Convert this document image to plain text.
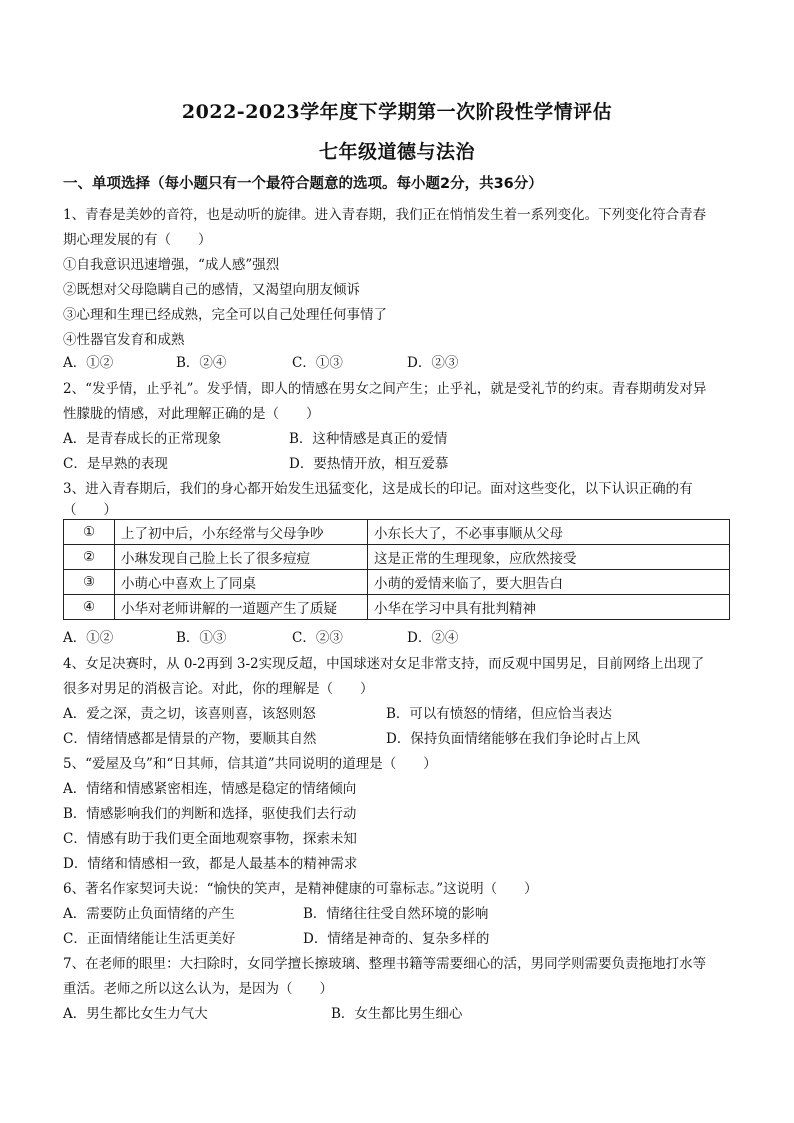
2022-2023学年度下学期第一次阶段性学情评估
七年级道德与法治
一、单项选择（每小题只有一个最符合题意的选项。每小题2分，共36分）
1、青春是美妙的音符，也是动听的旋律。进入青春期，我们正在悄悄发生着一系列变化。下列变化符合青春
期心理发展的有（　　）
①自我意识迅速增强，“成人感”强烈
②既想对父母隐瞒自己的感情，又渴望向朋友倾诉
③心理和生理已经成熟，完全可以自己处理任何事情了
④性器官发育和成熟
A．①②	B．②④	C．①③	D．②③
2、“发乎情，止乎礼”。发乎情，即人的情感在男女之间产生；止乎礼，就是受礼节的约束。青春期萌发对异
性朦胧的情感，对此理解正确的是（　　）
A．是青春成长的正常现象	B．这种情感是真正的爱情
C．是早熟的表现	D．要热情开放，相互爱慕
3、进入青春期后，我们的身心都开始发生迅猛变化，这是成长的印记。面对这些变化，以下认识正确的有
（　　）
①	上了初中后，小东经常与父母争吵	小东长大了，不必事事顺从父母
②	小琳发现自己脸上长了很多痘痘	这是正常的生理现象，应欣然接受
③	小萌心中喜欢上了同桌	小萌的爱情来临了，要大胆告白
④	小华对老师讲解的一道题产生了质疑	小华在学习中具有批判精神
A．①②	B．①③	C．②③	D．②④
4、女足决赛时，从 0-2再到 3-2实现反超，中国球迷对女足非常支持，而反观中国男足，目前网络上出现了
很多对男足的消极言论。对此，你的理解是（　　）
A．爱之深，责之切，该喜则喜，该怒则怒	B．可以有愤怒的情绪，但应恰当表达
C．情绪情感都是情景的产物，要顺其自然	D．保持负面情绪能够在我们争论时占上风
5、“爱屋及乌”和“日其师，信其道”共同说明的道理是（　　）
A．情绪和情感紧密相连，情感是稳定的情绪倾向
B．情感影响我们的判断和选择，驱使我们去行动
C．情感有助于我们更全面地观察事物，探索未知
D．情绪和情感相一致，都是人最基本的精神需求
6、著名作家契诃夫说：“愉快的笑声，是精神健康的可靠标志。”这说明（　　）
A．需要防止负面情绪的产生	B．情绪往往受自然环境的影响
C．正面情绪能让生活更美好	D．情绪是神奇的、复杂多样的
7、在老师的眼里：大扫除时，女同学擅长擦玻璃、整理书籍等需要细心的活，男同学则需要负责拖地打水等
重活。老师之所以这么认为，是因为（　　）
A．男生都比女生力气大	B．女生都比男生细心
